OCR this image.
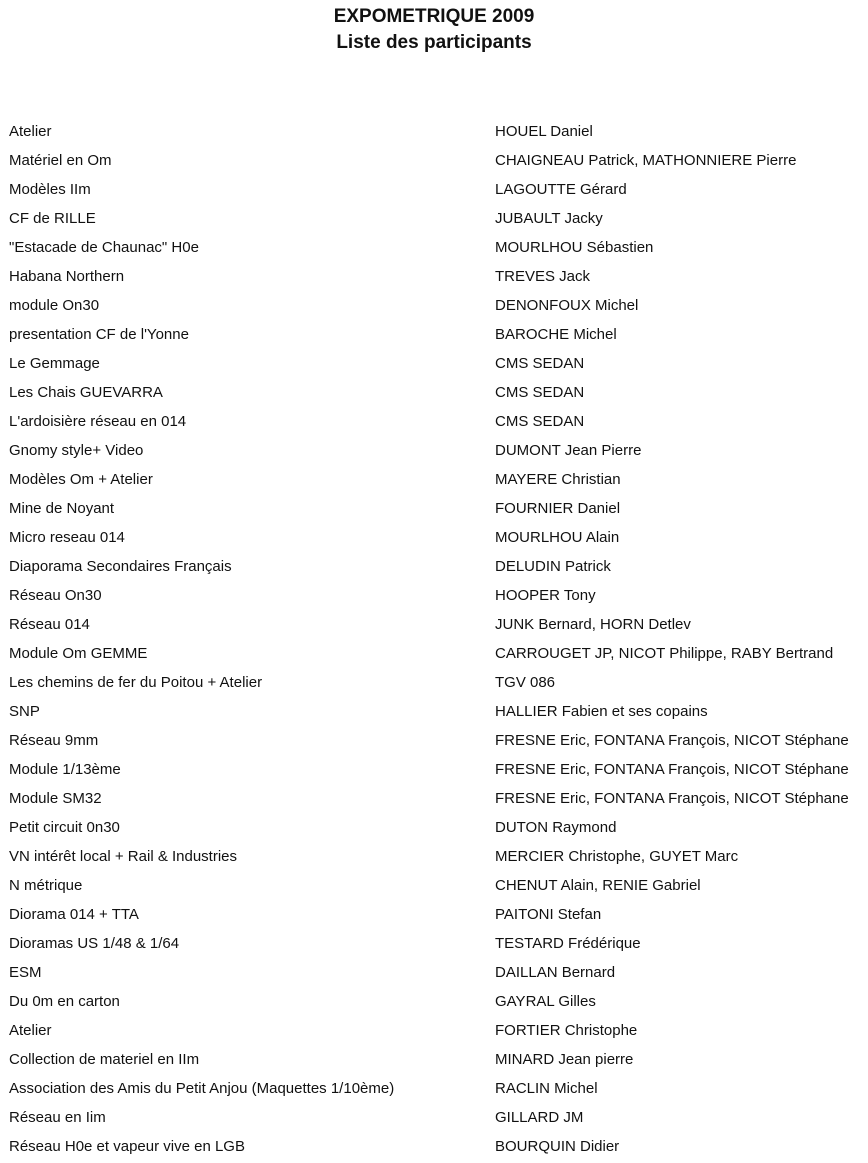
EXPOMETRIQUE 2009
Liste des participants
Atelier	HOUEL Daniel
Matériel en Om	CHAIGNEAU Patrick, MATHONNIERE Pierre
Modèles IIm	LAGOUTTE Gérard
CF de RILLE	JUBAULT Jacky
"Estacade de Chaunac" H0e	MOURLHOU Sébastien
Habana Northern	TREVES Jack
module On30	DENONFOUX Michel
presentation CF de l'Yonne	BAROCHE Michel
Le Gemmage	CMS SEDAN
Les Chais GUEVARRA	CMS SEDAN
L'ardoisière réseau en 014	CMS SEDAN
Gnomy style+ Video	DUMONT Jean Pierre
Modèles Om + Atelier	MAYERE Christian
Mine de Noyant	FOURNIER Daniel
Micro reseau 014	MOURLHOU Alain
Diaporama Secondaires Français	DELUDIN Patrick
Réseau On30	HOOPER Tony
Réseau 014	JUNK Bernard, HORN Detlev
Module Om GEMME	CARROUGET JP, NICOT Philippe, RABY Bertrand
Les chemins de fer du Poitou + Atelier	TGV 086
SNP	HALLIER Fabien et ses copains
Réseau 9mm	FRESNE Eric, FONTANA François, NICOT Stéphane
Module 1/13ème	FRESNE Eric, FONTANA François, NICOT Stéphane
Module SM32	FRESNE Eric, FONTANA François, NICOT Stéphane
Petit circuit 0n30	DUTON Raymond
VN intérêt local + Rail & Industries	MERCIER Christophe, GUYET Marc
N métrique	CHENUT Alain, RENIE Gabriel
Diorama 014 + TTA	PAITONI Stefan
Dioramas US 1/48 & 1/64	TESTARD Frédérique
ESM	DAILLAN Bernard
Du 0m en carton	GAYRAL Gilles
Atelier	FORTIER Christophe
Collection de materiel en IIm	MINARD Jean pierre
Association des Amis du Petit Anjou (Maquettes 1/10ème)	RACLIN Michel
Réseau en Iim	GILLARD JM
Réseau H0e et vapeur vive en LGB	BOURQUIN Didier
